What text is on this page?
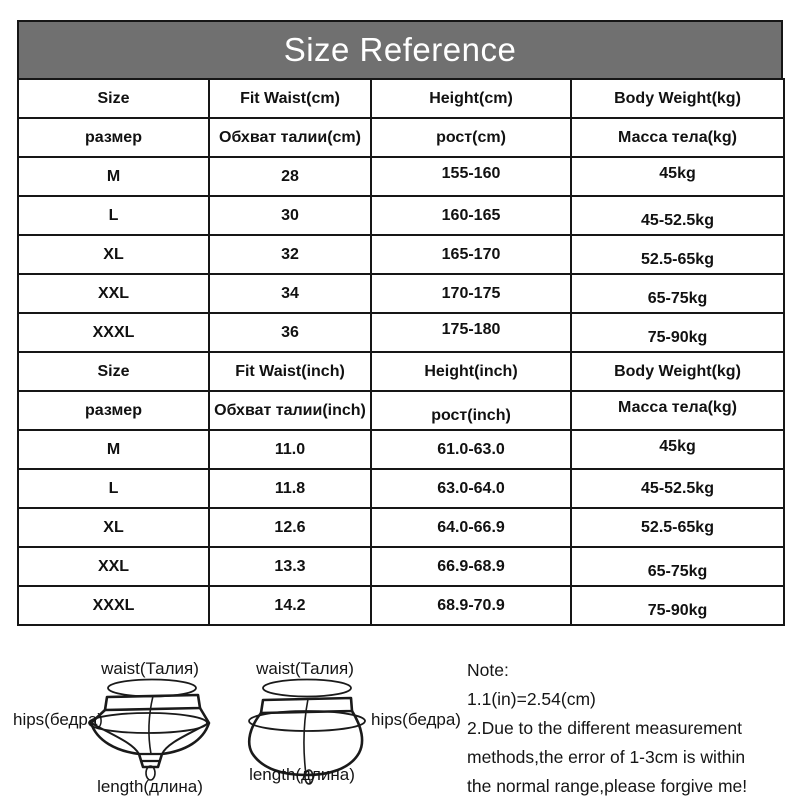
Size Reference
Size	Fit Waist(cm)	Height(cm)	Body Weight(kg)
размер	Обхват талии(cm)	рост(cm)	Масса тела(kg)
M	28	155-160	45kg
L	30	160-165	45-52.5kg
XL	32	165-170	52.5-65kg
XXL	34	170-175	65-75kg
XXXL	36	175-180	75-90kg
Size	Fit Waist(inch)	Height(inch)	Body Weight(kg)
размер	Обхват талии(inch)	рост(inch)	Масса тела(kg)
M	11.0	61.0-63.0	45kg
L	11.8	63.0-64.0	45-52.5kg
XL	12.6	64.0-66.9	52.5-65kg
XXL	13.3	66.9-68.9	65-75kg
XXXL	14.2	68.9-70.9	75-90kg
waist(Талия)	waist(Талия)
hips(бедра)	hips(бедра)
length(длина)
length(длина)
Note:
1.1(in)=2.54(cm)
2.Due to the different measurement
methods,the error of 1-3cm is within
the normal range,please forgive me!
